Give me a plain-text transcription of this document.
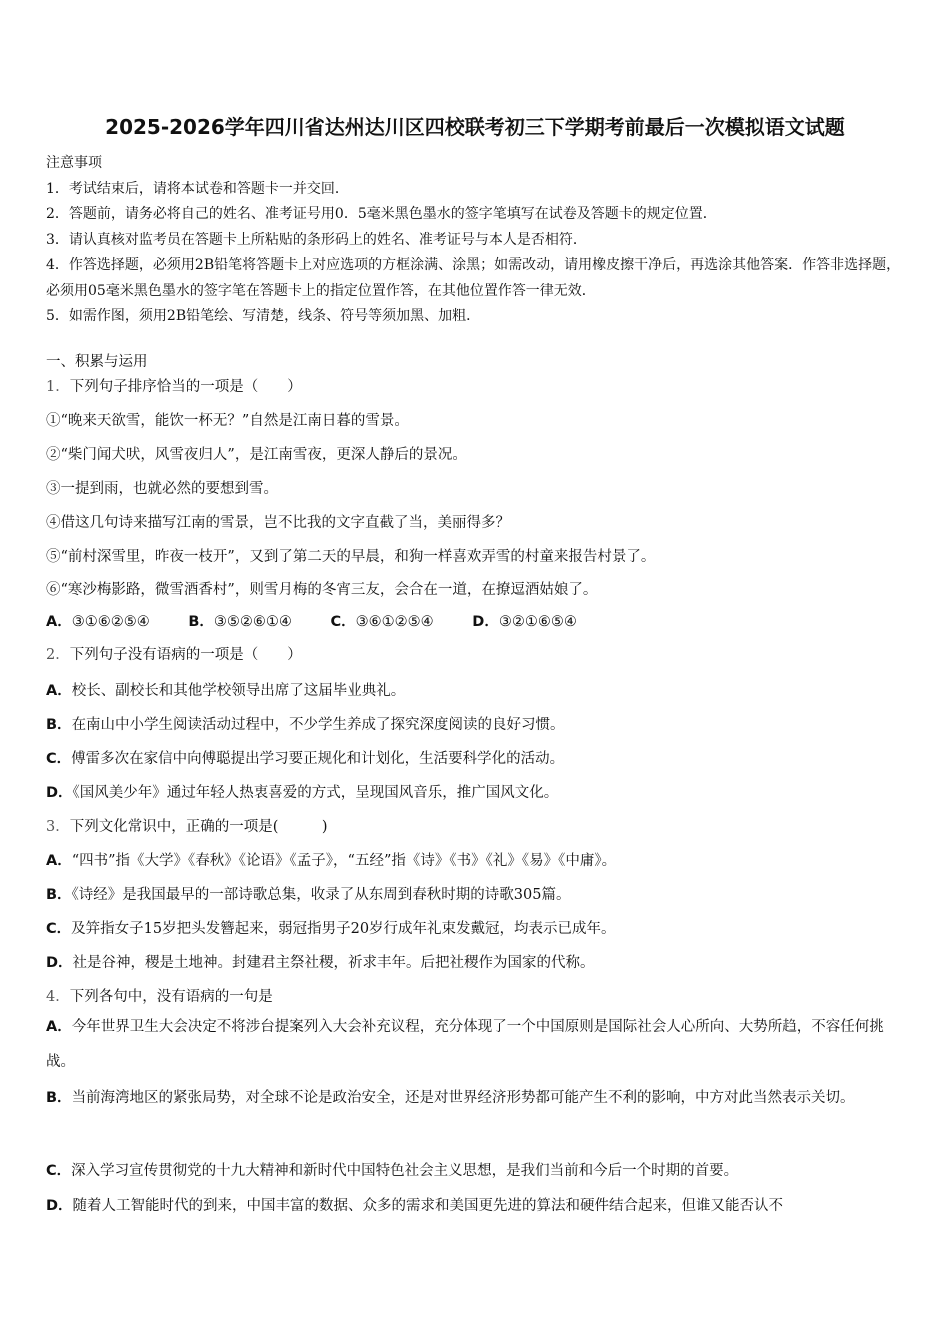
2025-2026学年四川省达州达川区四校联考初三下学期考前最后一次模拟语文试题
注意事项
1．考试结束后，请将本试卷和答题卡一并交回．
2．答题前，请务必将自己的姓名、准考证号用0．5毫米黑色墨水的签字笔填写在试卷及答题卡的规定位置．
3．请认真核对监考员在答题卡上所粘贴的条形码上的姓名、准考证号与本人是否相符．
4．作答选择题，必须用2B铅笔将答题卡上对应选项的方框涂满、涂黑；如需改动，请用橡皮擦干净后，再选涂其他答案．作答非选择题，必须用05毫米黑色墨水的签字笔在答题卡上的指定位置作答，在其他位置作答一律无效．
5．如需作图，须用2B铅笔绘、写清楚，线条、符号等须加黑、加粗．
一、积累与运用
1．下列句子排序恰当的一项是（　　）
①“晚来天欲雪，能饮一杯无？”自然是江南日暮的雪景。
②“柴门闻犬吠，风雪夜归人”，是江南雪夜，更深人静后的景况。
③一提到雨，也就必然的要想到雪。
④借这几句诗来描写江南的雪景，岂不比我的文字直截了当，美丽得多？
⑤“前村深雪里，昨夜一枝开”，又到了第二天的早晨，和狗一样喜欢弄雪的村童来报告村景了。
⑥“寒沙梅影路，微雪酒香村”，则雪月梅的冬宵三友，会合在一道，在撩逗酒姑娘了。
A．③①⑥②⑤④	B．③⑤②⑥①④	C．③⑥①②⑤④	D．③②①⑥⑤④
2．下列句子没有语病的一项是（　　）
A．校长、副校长和其他学校领导出席了这届毕业典礼。
B．在南山中小学生阅读活动过程中，不少学生养成了探究深度阅读的良好习惯。
C．傅雷多次在家信中向傅聪提出学习要正规化和计划化，生活要科学化的活动。
D．《国风美少年》通过年轻人热衷喜爱的方式，呈现国风音乐，推广国风文化。
3．下列文化常识中，正确的一项是(　　　)
A．“四书”指《大学》《春秋》《论语》《孟子》，“五经”指《诗》《书》《礼》《易》《中庸》。
B．《诗经》是我国最早的一部诗歌总集，收录了从东周到春秋时期的诗歌305篇。
C．及笄指女子15岁把头发簪起来，弱冠指男子20岁行成年礼束发戴冠，均表示已成年。
D．社是谷神，稷是土地神。封建君主祭社稷，祈求丰年。后把社稷作为国家的代称。
4．下列各句中，没有语病的一句是
A．今年世界卫生大会决定不将涉台提案列入大会补充议程，充分体现了一个中国原则是国际社会人心所向、大势所趋，不容任何挑战。
B．当前海湾地区的紧张局势，对全球不论是政治安全，还是对世界经济形势都可能产生不利的影响，中方对此当然表示关切。
C．深入学习宣传贯彻党的十九大精神和新时代中国特色社会主义思想，是我们当前和今后一个时期的首要。
D．随着人工智能时代的到来，中国丰富的数据、众多的需求和美国更先进的算法和硬件结合起来，但谁又能否认不
